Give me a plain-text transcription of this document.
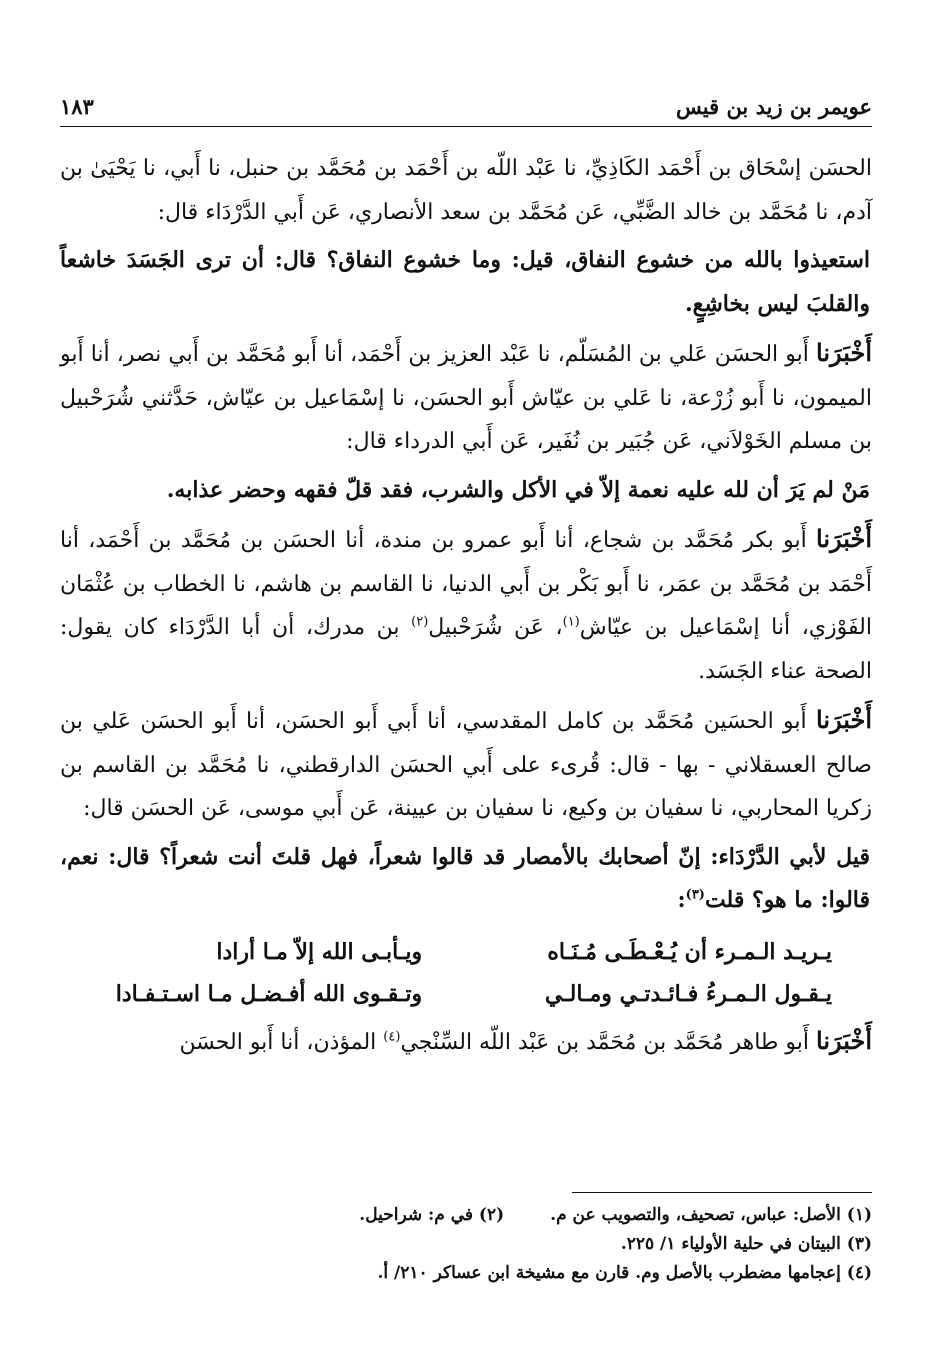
عويمر بن زيد بن قيس
١٨٣

الحسَن إسْحَاق بن أَحْمَد الكَاذِيِّ، نا عَبْد اللّه بن أَحْمَد بن مُحَمَّد بن حنبل، نا أَبي، نا يَحْيَىٰ بن آدم، نا مُحَمَّد بن خالد الضَّبِّي، عَن مُحَمَّد بن سعد الأنصاري، عَن أَبي الدَّرْدَاء قال:

استعيذوا بالله من خشوع النفاق، قيل: وما خشوع النفاق؟ قال: أن ترى الجَسَدَ خاشعاً والقلبَ ليس بخاشِعٍ.

أَخْبَرَنا أَبو الحسَن عَلي بن المُسَلّم، نا عَبْد العزيز بن أَحْمَد، أنا أَبو مُحَمَّد بن أَبي نصر، أنا أَبو الميمون، نا أَبو زُرْعة، نا عَلي بن عيّاش أَبو الحسَن، نا إسْمَاعيل بن عيّاش، حَدَّثني شُرَحْبيل بن مسلم الخَوْلاَني، عَن جُبَير بن نُفَير، عَن أَبي الدرداء قال:

مَنْ لم يَرَ أن لله عليه نعمة إلاّ في الأكل والشرب، فقد قلّ فقهه وحضر عذابه.

أَخْبَرَنا أَبو بكر مُحَمَّد بن شجاع، أنا أَبو عمرو بن مندة، أنا الحسَن بن مُحَمَّد بن أَحْمَد، أنا أَحْمَد بن مُحَمَّد بن عمَر، نا أَبو بَكْر بن أَبي الدنيا، نا القاسم بن هاشم، نا الخطاب بن عُثْمَان الفَوْزي، أنا إسْمَاعيل بن عيّاش$^{(١)}$، عَن شُرَحْبيل$^{(٢)}$ بن مدرك، أن أبا الدَّرْدَاء كان يقول: الصحة عناء الجَسَد.

أَخْبَرَنا أَبو الحسَين مُحَمَّد بن كامل المقدسي، أنا أَبي أَبو الحسَن، أنا أَبو الحسَن عَلي بن صالح العسقلاني - بها - قال: قُرىء على أَبي الحسَن الدارقطني، نا مُحَمَّد بن القاسم بن زكريا المحاربي، نا سفيان بن وكيع، نا سفيان بن عيينة، عَن أَبي موسى، عَن الحسَن قال:

قيل لأبي الدَّرْدَاء: إنّ أصحابك بالأمصار قد قالوا شعراً، فهل قلتَ أنت شعراً؟ قال: نعم، قالوا: ما هو؟ قلت$^{(٣)}$:

يـريـد الـمـرء أن يُـعْـطَـى مُـنَـاه
ويـأبـى الله إلاّ مـا أرادا
يـقـول الـمـرءُ فـائـدتـي ومـالـي
وتـقـوى الله أفـضـل مـا اسـتـفـادا

أَخْبَرَنا أَبو طاهر مُحَمَّد بن مُحَمَّد بن عَبْد اللّه السِّنْجي$^{(٤)}$ المؤذن، أنا أَبو الحسَن

(١) الأصل: عباس، تصحيف، والتصويب عن م.
(٢) في م: شراحيل.
(٣) البيتان في حلية الأولياء ١/ ٢٢٥.
(٤) إعجامها مضطرب بالأصل وم. قارن مع مشيخة ابن عساكر ٢١٠/ أ.
